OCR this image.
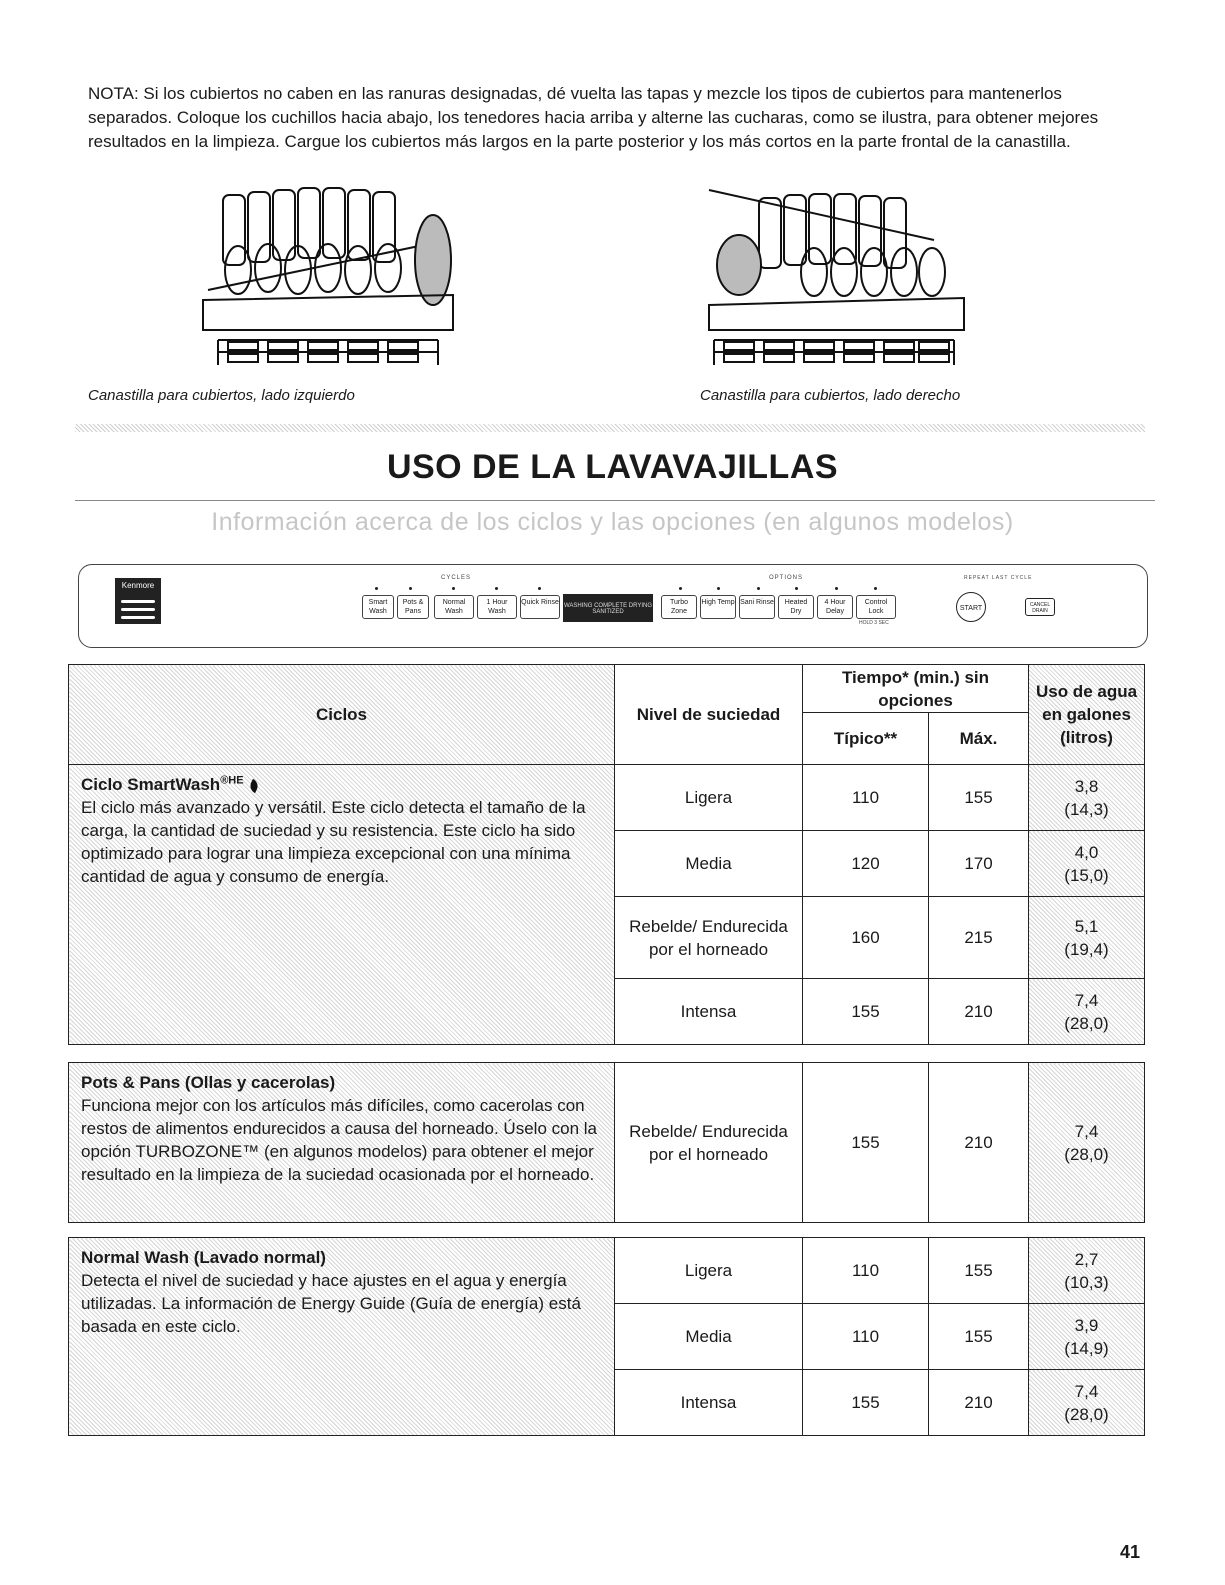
NOTA: Si los cubiertos no caben en las ranuras designadas, dé vuelta las tapas y mezcle los tipos de cubiertos para mantenerlos separados. Coloque los cuchillos hacia abajo, los tenedores hacia arriba y alterne las cucharas, como se ilustra, para obtener mejores resultados en la limpieza. Cargue los cubiertos más largos en la parte posterior y los más cortos en la parte frontal de la canastilla.
Canastilla para cubiertos, lado izquierdo	Canastilla para cubiertos, lado derecho
USO DE LA LAVAVAJILLAS
Información acerca de los ciclos y las opciones (en algunos modelos)
Kenmore
CYCLES	OPTIONS	REPEAT LAST CYCLE
Smart Wash
Pots & Pans
Normal Wash
1 Hour Wash
Quick Rinse WASHING COMPLETE DRYING
SANITIZED
Turbo Zone
High Temp Sani Rinse	Heated Dry
4 Hour Delay
Control Lock
HOLD 3 SEC
START	CANCEL DRAIN
Ciclos	Nivel de suciedad	Tiempo* (min.) sin opciones		Uso de agua en galones (litros)
		Típico**	Máx.	

Ciclo SmartWash$^{®HE}$
El ciclo más avanzado y versátil. Este ciclo detecta el tamaño de la carga, la cantidad de suciedad y su resistencia. Este ciclo ha sido optimizado para lograr una limpieza excepcional con una mínima cantidad de agua y consumo de energía.	Ligera	110	155	3,8
(14,3)
	Media	120	170	4,0
(15,0)
	Rebelde/ Endurecida por el horneado	160	215	5,1
(19,4)
	Intensa	155	210	7,4
(28,0)
Pots & Pans (Ollas y cacerolas)
Funciona mejor con los artículos más difíciles, como cacerolas con restos de alimentos endurecidos a causa del horneado. Úselo con la opción TURBOZONE™ (en algunos modelos) para obtener el mejor resultado en la limpieza de la suciedad ocasionada por el horneado.	Rebelde/ Endurecida por el horneado	155	210	7,4
(28,0)
Normal Wash (Lavado normal)
Detecta el nivel de suciedad y hace ajustes en el agua y energía utilizadas. La información de Energy Guide (Guía de energía) está basada en este ciclo.	Ligera	110	155	2,7
(10,3)
	Media	110	155	3,9
(14,9)
	Intensa	155	210	7,4
(28,0)
41
